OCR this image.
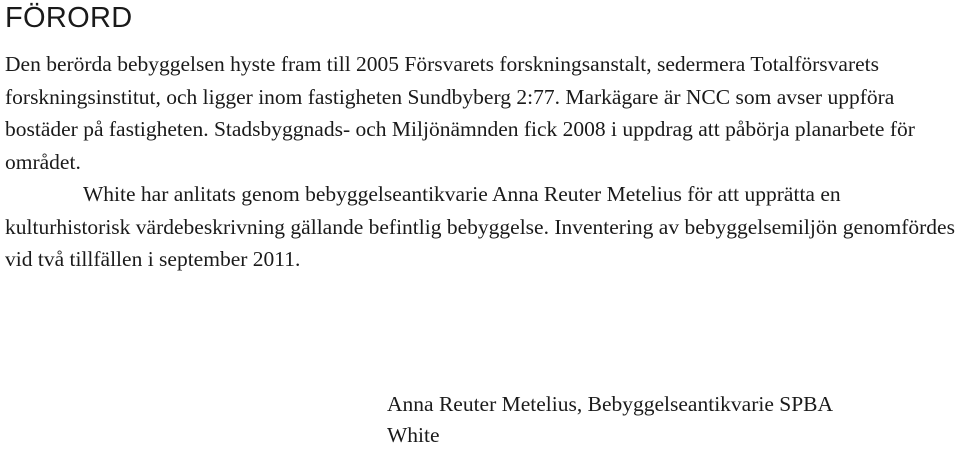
FÖRORD

Den berörda bebyggelsen hyste fram till 2005 Försvarets forskningsanstalt, sedermera Totalförsvarets forskningsinstitut, och ligger inom fastigheten Sundbyberg 2:77. Markägare är NCC som avser uppföra bostäder på fastigheten. Stadsbyggnads- och Miljönämnden fick 2008 i uppdrag att påbörja planarbete för området.

White har anlitats genom bebyggelseantikvarie Anna Reuter Metelius för att upprätta en kulturhistorisk värdebeskrivning gällande befintlig bebyggelse. Inventering av bebyggelsemiljön genomfördes vid två tillfällen i september 2011.

Anna Reuter Metelius, Bebyggelseantikvarie SPBA
White
